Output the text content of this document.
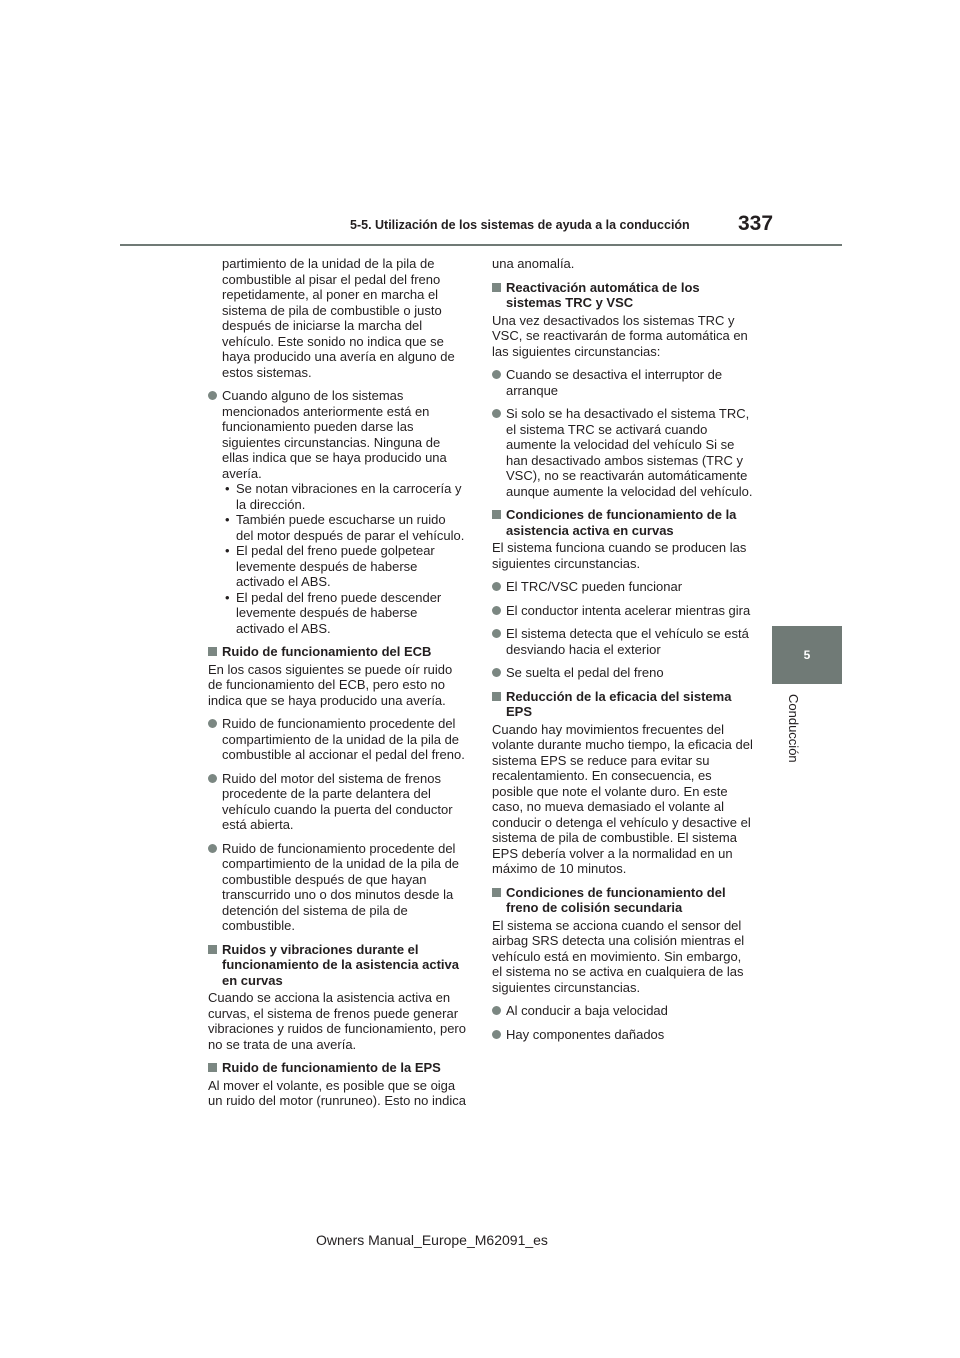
5-5. Utilización de los sistemas de ayuda a la conducción 337
5
Conducción

partimiento de la unidad de la pila de combustible al pisar el pedal del freno repetidamente, al poner en marcha el sistema de pila de combustible o justo después de iniciarse la marcha del vehículo. Este sonido no indica que se haya producido una avería en alguno de estos sistemas.

Cuando alguno de los sistemas mencionados anteriormente está en funcionamiento pueden darse las siguientes circunstancias. Ninguna de ellas indica que se haya producido una avería.

• Se notan vibraciones en la carrocería y la dirección.

• También puede escucharse un ruido del motor después de parar el vehículo.

• El pedal del freno puede golpetear levemente después de haberse activado el ABS.

• El pedal del freno puede descender levemente después de haberse activado el ABS.

Ruido de funcionamiento del ECB

En los casos siguientes se puede oír ruido de funcionamiento del ECB, pero esto no indica que se haya producido una avería.

Ruido de funcionamiento procedente del compartimiento de la unidad de la pila de combustible al accionar el pedal del freno.

Ruido del motor del sistema de frenos procedente de la parte delantera del vehículo cuando la puerta del conductor está abierta.

Ruido de funcionamiento procedente del compartimiento de la unidad de la pila de combustible después de que hayan transcurrido uno o dos minutos desde la detención del sistema de pila de combustible.

Ruidos y vibraciones durante el funcionamiento de la asistencia activa en curvas

Cuando se acciona la asistencia activa en curvas, el sistema de frenos puede generar vibraciones y ruidos de funcionamiento, pero no se trata de una avería.

Ruido de funcionamiento de la EPS

Al mover el volante, es posible que se oiga un ruido del motor (runruneo). Esto no indica

una anomalía.

Reactivación automática de los sistemas TRC y VSC

Una vez desactivados los sistemas TRC y VSC, se reactivarán de forma automática en las siguientes circunstancias:

Cuando se desactiva el interruptor de arranque

Si solo se ha desactivado el sistema TRC, el sistema TRC se activará cuando aumente la velocidad del vehículo Si se han desactivado ambos sistemas (TRC y VSC), no se reactivarán automáticamente aunque aumente la velocidad del vehículo.

Condiciones de funcionamiento de la asistencia activa en curvas

El sistema funciona cuando se producen las siguientes circunstancias.

El TRC/VSC pueden funcionar

El conductor intenta acelerar mientras gira

El sistema detecta que el vehículo se está desviando hacia el exterior

Se suelta el pedal del freno

Reducción de la eficacia del sistema EPS

Cuando hay movimientos frecuentes del volante durante mucho tiempo, la eficacia del sistema EPS se reduce para evitar su recalentamiento. En consecuencia, es posible que note el volante duro. En este caso, no mueva demasiado el volante al conducir o detenga el vehículo y desactive el sistema de pila de combustible. El sistema EPS debería volver a la normalidad en un máximo de 10 minutos.

Condiciones de funcionamiento del freno de colisión secundaria

El sistema se acciona cuando el sensor del airbag SRS detecta una colisión mientras el vehículo está en movimiento. Sin embargo, el sistema no se activa en cualquiera de las siguientes circunstancias.

Al conducir a baja velocidad

Hay componentes dañados

Owners Manual_Europe_M62091_es
